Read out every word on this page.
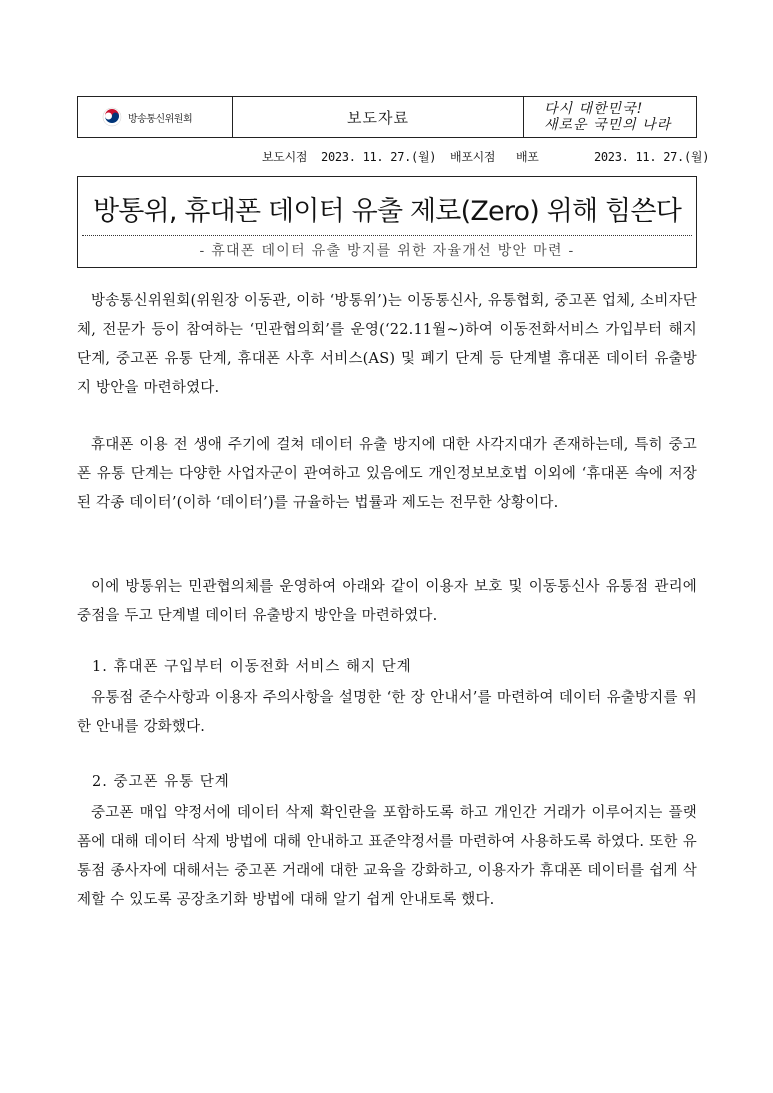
방송통신위원회	보도자료	다시 대한민국!
새로운 국민의 나라
보도시점  2023. 11. 27.(월)  배포시점   배포        2023. 11. 27.(월)
방통위, 휴대폰 데이터 유출 제로(Zero) 위해 힘쓴다
- 휴대폰 데이터 유출 방지를 위한 자율개선 방안 마련 -

방송통신위원회(위원장 이동관, 이하 ‘방통위’)는 이동통신사, 유통협회, 중고폰 업체, 소비자단체, 전문가 등이 참여하는 ‘민관협의회’를 운영(‘22.11월~)하여 이동전화서비스 가입부터 해지 단계, 중고폰 유통 단계, 휴대폰 사후 서비스(AS) 및 폐기 단계 등 단계별 휴대폰 데이터 유출방지 방안을 마련하였다.

휴대폰 이용 전 생애 주기에 걸쳐 데이터 유출 방지에 대한 사각지대가 존재하는데, 특히 중고폰 유통 단계는 다양한 사업자군이 관여하고 있음에도 개인정보보호법 이외에 ‘휴대폰 속에 저장된 각종 데이터’(이하 ‘데이터’)를 규율하는 법률과 제도는 전무한 상황이다.

이에 방통위는 민관협의체를 운영하여 아래와 같이 이용자 보호 및 이동통신사 유통점 관리에 중점을 두고 단계별 데이터 유출방지 방안을 마련하였다.

1. 휴대폰 구입부터 이동전화 서비스 해지 단계

유통점 준수사항과 이용자 주의사항을 설명한 ‘한 장 안내서’를 마련하여 데이터 유출방지를 위한 안내를 강화했다.

2. 중고폰 유통 단계

중고폰 매입 약정서에 데이터 삭제 확인란을 포함하도록 하고 개인간 거래가 이루어지는 플랫폼에 대해 데이터 삭제 방법에 대해 안내하고 표준약정서를 마련하여 사용하도록 하였다. 또한 유통점 종사자에 대해서는 중고폰 거래에 대한 교육을 강화하고, 이용자가 휴대폰 데이터를 쉽게 삭제할 수 있도록 공장초기화 방법에 대해 알기 쉽게 안내토록 했다.
